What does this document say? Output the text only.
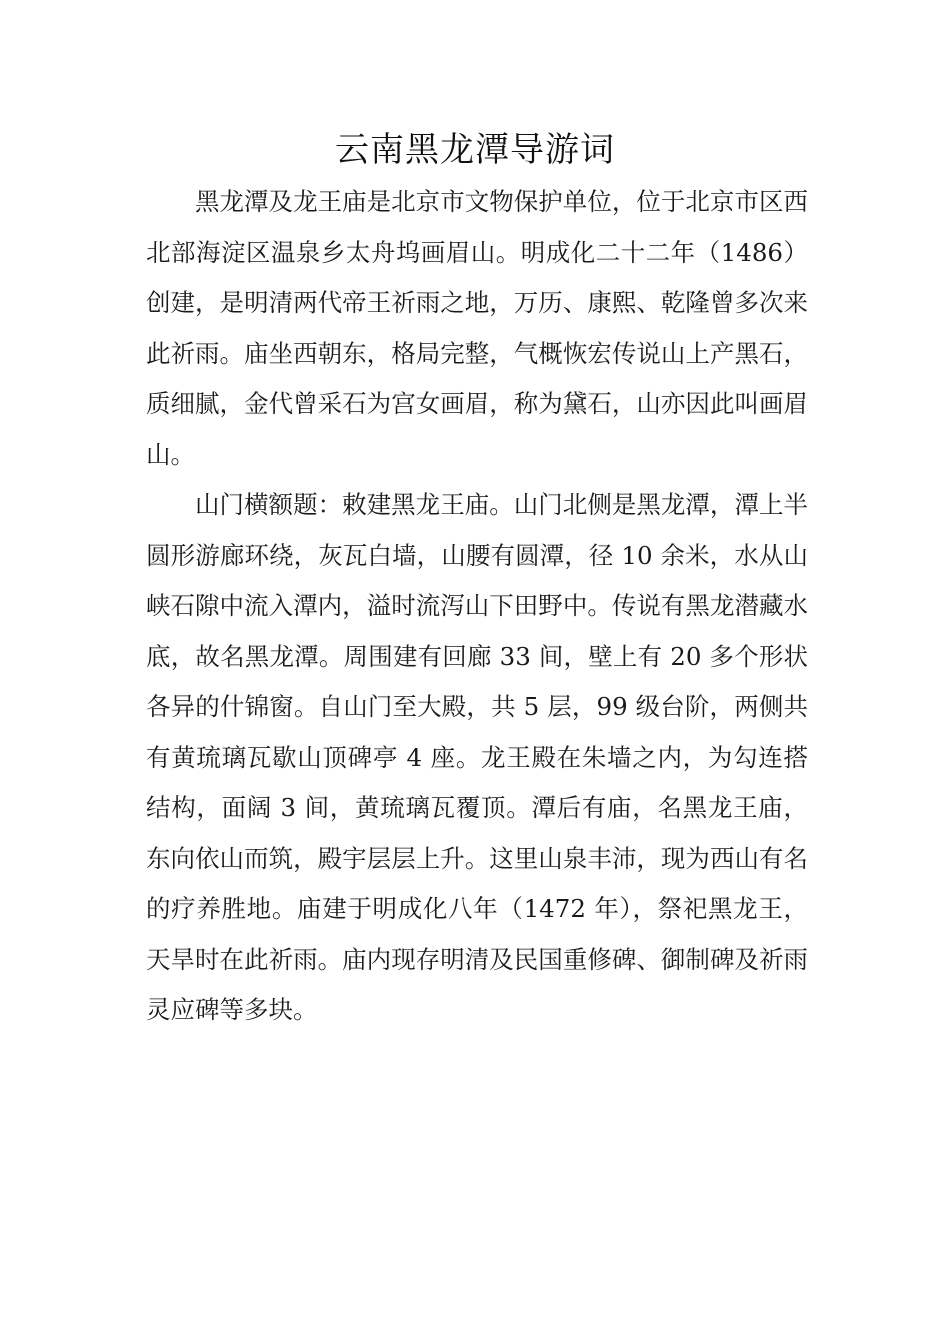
云南黑龙潭导游词

黑龙潭及龙王庙是北京市文物保护单位，位于北京市区西北部海淀区温泉乡太舟坞画眉山。明成化二十二年（1486）创建，是明清两代帝王祈雨之地，万历、康熙、乾隆曾多次来此祈雨。庙坐西朝东，格局完整，气概恢宏传说山上产黑石，质细腻，金代曾采石为宫女画眉，称为黛石，山亦因此叫画眉山。

山门横额题：敕建黑龙王庙。山门北侧是黑龙潭，潭上半圆形游廊环绕，灰瓦白墙，山腰有圆潭，径 10 余米，水从山峡石隙中流入潭内，溢时流泻山下田野中。传说有黑龙潜藏水底，故名黑龙潭。周围建有回廊 33 间，壁上有 20 多个形状各异的什锦窗。自山门至大殿，共 5 层，99 级台阶，两侧共有黄琉璃瓦歇山顶碑亭 4 座。龙王殿在朱墙之内，为勾连搭结构，面阔 3 间，黄琉璃瓦覆顶。潭后有庙，名黑龙王庙，东向依山而筑，殿宇层层上升。这里山泉丰沛，现为西山有名的疗养胜地。庙建于明成化八年（1472 年），祭祀黑龙王，天旱时在此祈雨。庙内现存明清及民国重修碑、御制碑及祈雨灵应碑等多块。
